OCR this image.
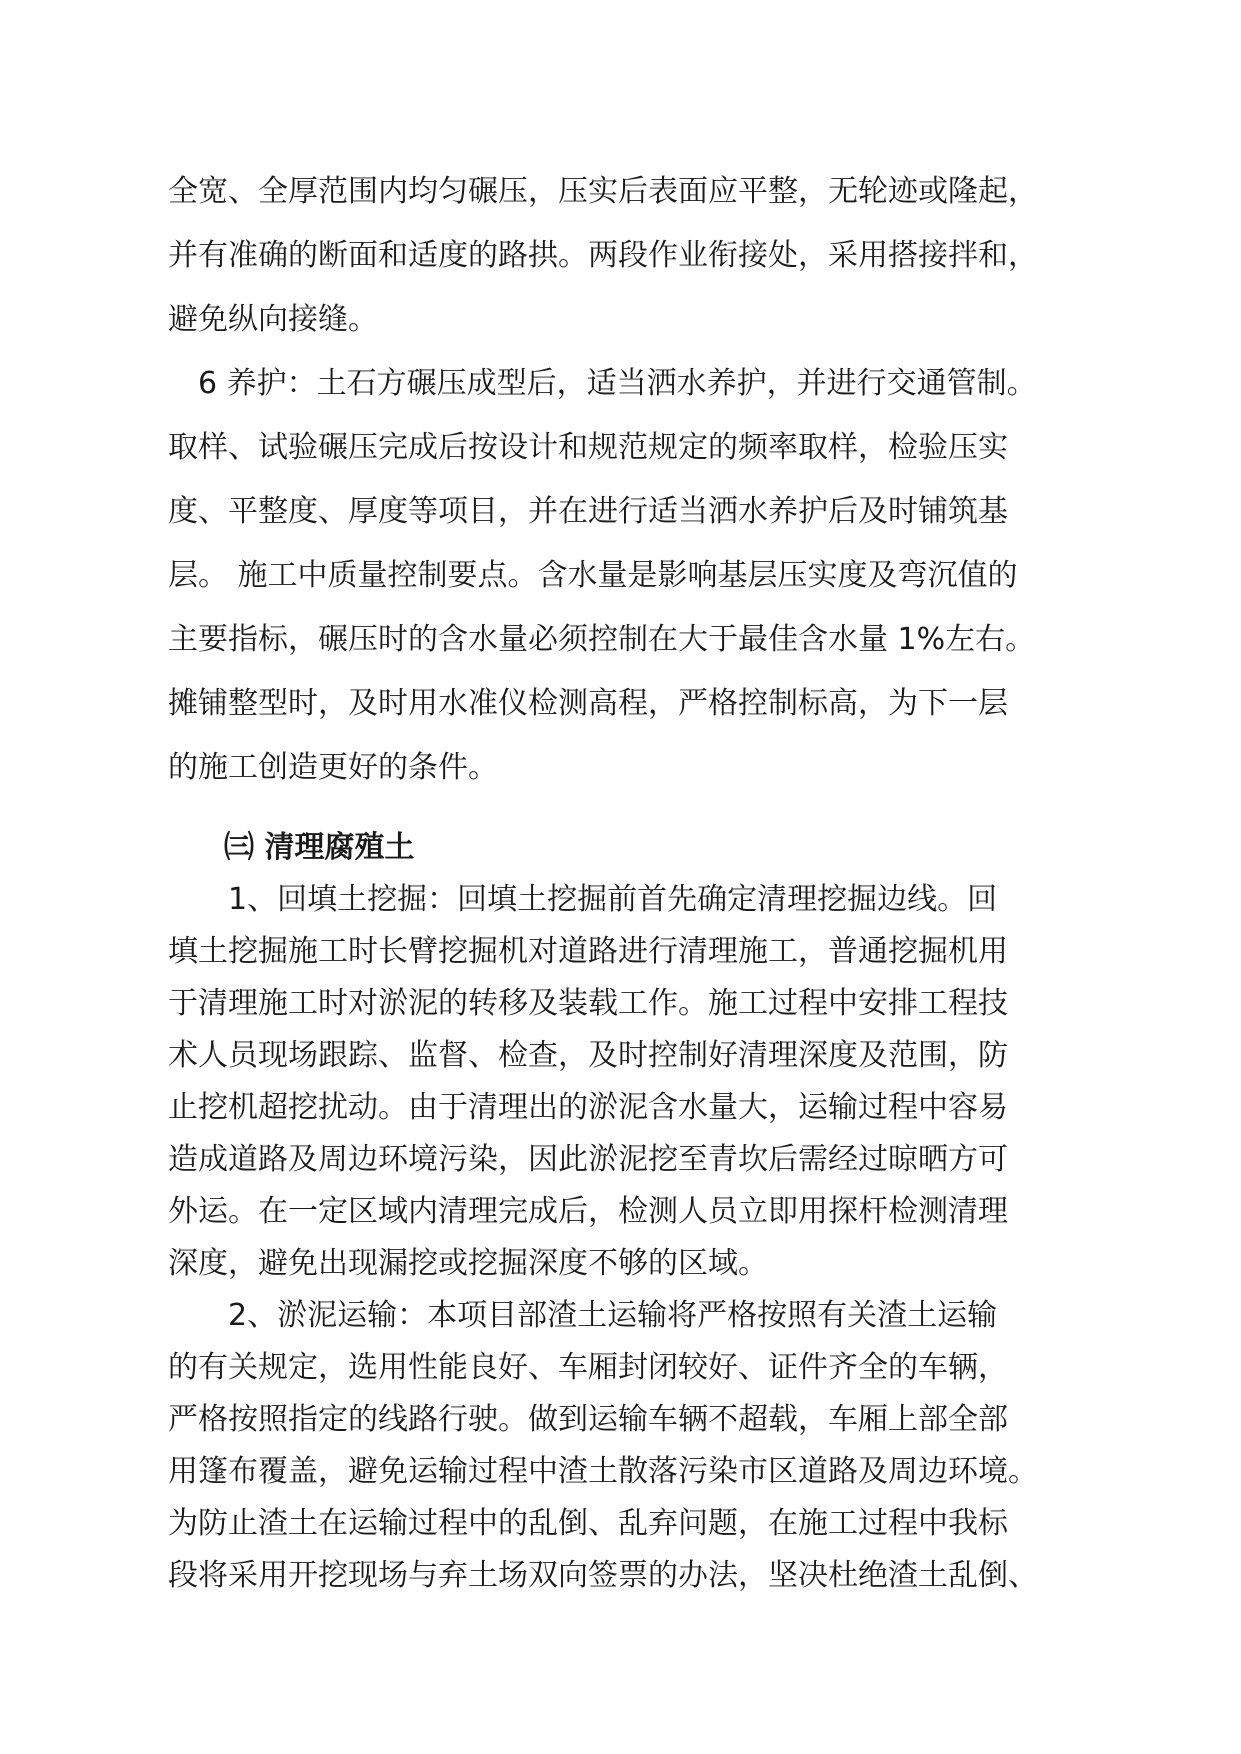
全宽、全厚范围内均匀碾压，压实后表面应平整，无轮迹或隆起，
并有准确的断面和适度的路拱。两段作业衔接处，采用搭接拌和，
避免纵向接缝。
　6 养护：土石方碾压成型后，适当洒水养护，并进行交通管制。
取样、试验碾压完成后按设计和规范规定的频率取样，检验压实
度、平整度、厚度等项目，并在进行适当洒水养护后及时铺筑基
层。 施工中质量控制要点。含水量是影响基层压实度及弯沉值的
主要指标，碾压时的含水量必须控制在大于最佳含水量 1%左右。
摊铺整型时，及时用水准仪检测高程，严格控制标高，为下一层
的施工创造更好的条件。
㈢ 清理腐殖土
　　1、回填土挖掘：回填土挖掘前首先确定清理挖掘边线。回
填土挖掘施工时长臂挖掘机对道路进行清理施工，普通挖掘机用
于清理施工时对淤泥的转移及装载工作。施工过程中安排工程技
术人员现场跟踪、监督、检查，及时控制好清理深度及范围，防
止挖机超挖扰动。由于清理出的淤泥含水量大，运输过程中容易
造成道路及周边环境污染，因此淤泥挖至青坎后需经过晾晒方可
外运。在一定区域内清理完成后，检测人员立即用探杆检测清理
深度，避免出现漏挖或挖掘深度不够的区域。
　　2、淤泥运输：本项目部渣土运输将严格按照有关渣土运输
的有关规定，选用性能良好、车厢封闭较好、证件齐全的车辆，
严格按照指定的线路行驶。做到运输车辆不超载，车厢上部全部
用篷布覆盖，避免运输过程中渣土散落污染市区道路及周边环境。
为防止渣土在运输过程中的乱倒、乱弃问题，在施工过程中我标
段将采用开挖现场与弃土场双向签票的办法，坚决杜绝渣土乱倒、
